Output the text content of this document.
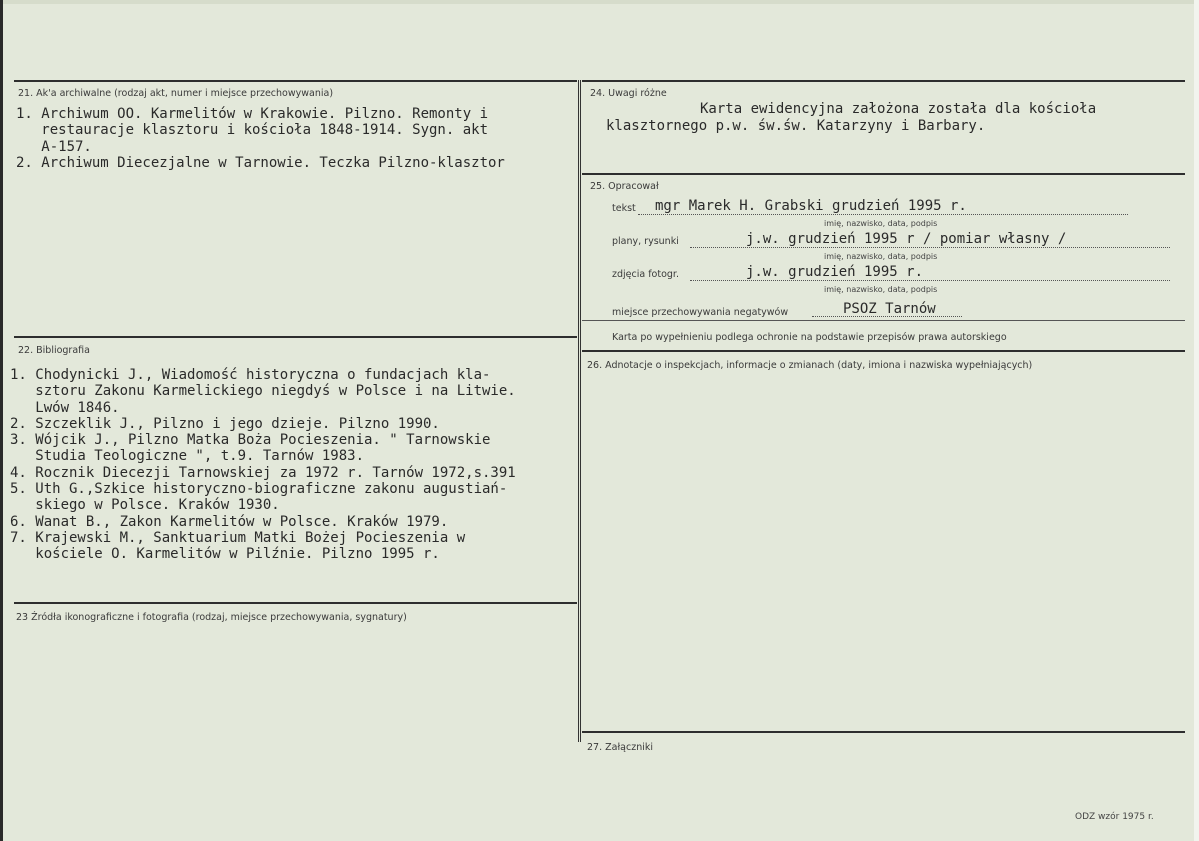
21. Ak'a archiwalne (rodzaj akt, numer i miejsce przechowywania)
1. Archiwum OO. Karmelitów w Krakowie. Pilzno. Remonty i
restauracje klasztoru i kościoła 1848-1914. Sygn. akt
A-157.
2. Archiwum Diecezjalne w Tarnowie. Teczka Pilzno-klasztor
22. Bibliografia
1. Chodynicki J., Wiadomość historyczna o fundacjach kla-
sztoru Zakonu Karmelickiego niegdyś w Polsce i na Litwie.
Lwów 1846.
2. Szczeklik J., Pilzno i jego dzieje. Pilzno 1990.
3. Wójcik J., Pilzno Matka Boża Pocieszenia. " Tarnowskie
Studia Teologiczne ", t.9. Tarnów 1983.
4. Rocznik Diecezji Tarnowskiej za 1972 r. Tarnów 1972,s.391
5. Uth G.,Szkice historyczno-biograficzne zakonu augustiań-
skiego w Polsce. Kraków 1930.
6. Wanat B., Zakon Karmelitów w Polsce. Kraków 1979.
7. Krajewski M., Sanktuarium Matki Bożej Pocieszenia w
kościele O. Karmelitów w Pilźnie. Pilzno 1995 r.
23 Źródła ikonograficzne i fotografia (rodzaj, miejsce przechowywania, sygnatury)
24. Uwagi różne
Karta ewidencyjna założona została dla kościoła
klasztornego p.w. św.św. Katarzyny i Barbary.
25. Opracował
tekst mgr Marek H. Grabski grudzień 1995 r.
imię, nazwisko, data, podpis
plany, rysunki	j.w. grudzień 1995 r / pomiar własny /
imię, nazwisko, data, podpis
zdjęcia fotogr.	j.w. grudzień 1995 r.
imię, nazwisko, data, podpis
miejsce przechowywania negatywów	PSOZ Tarnów
Karta po wypełnieniu podlega ochronie na podstawie przepisów prawa autorskiego
26. Adnotacje o inspekcjach, informacje o zmianach (daty, imiona i nazwiska wypełniających)
27. Załączniki
ODZ wzór 1975 r.
